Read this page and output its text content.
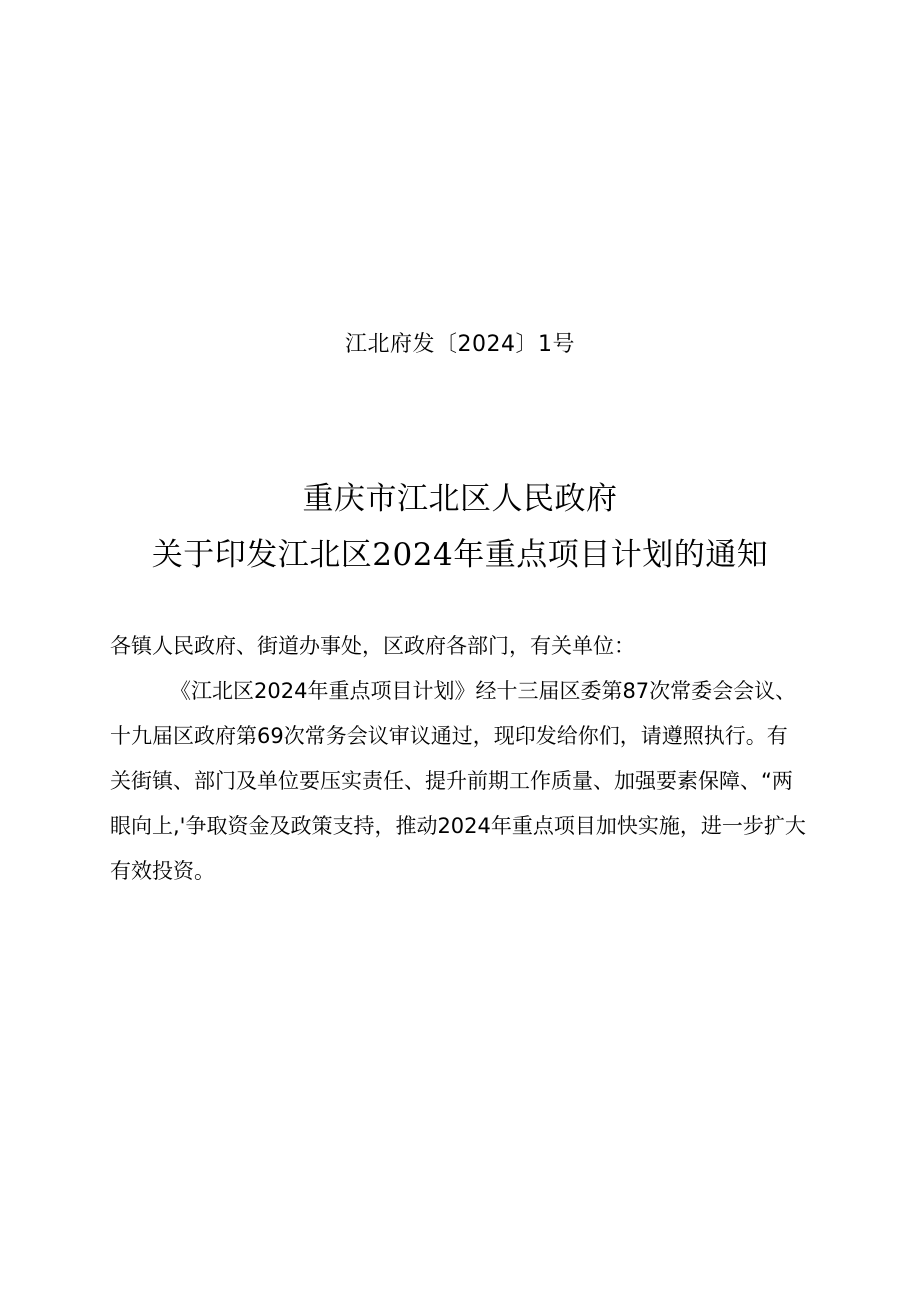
江北府发〔2024〕1号
重庆市江北区人民政府
关于印发江北区2024年重点项目计划的通知
各镇人民政府、街道办事处，区政府各部门，有关单位：
《江北区2024年重点项目计划》经十三届区委第87次常委会会议、
十九届区政府第69次常务会议审议通过，现印发给你们，请遵照执行。有
关街镇、部门及单位要压实责任、提升前期工作质量、加强要素保障、“两
眼向上,'争取资金及政策支持，推动2024年重点项目加快实施，进一步扩大
有效投资。
